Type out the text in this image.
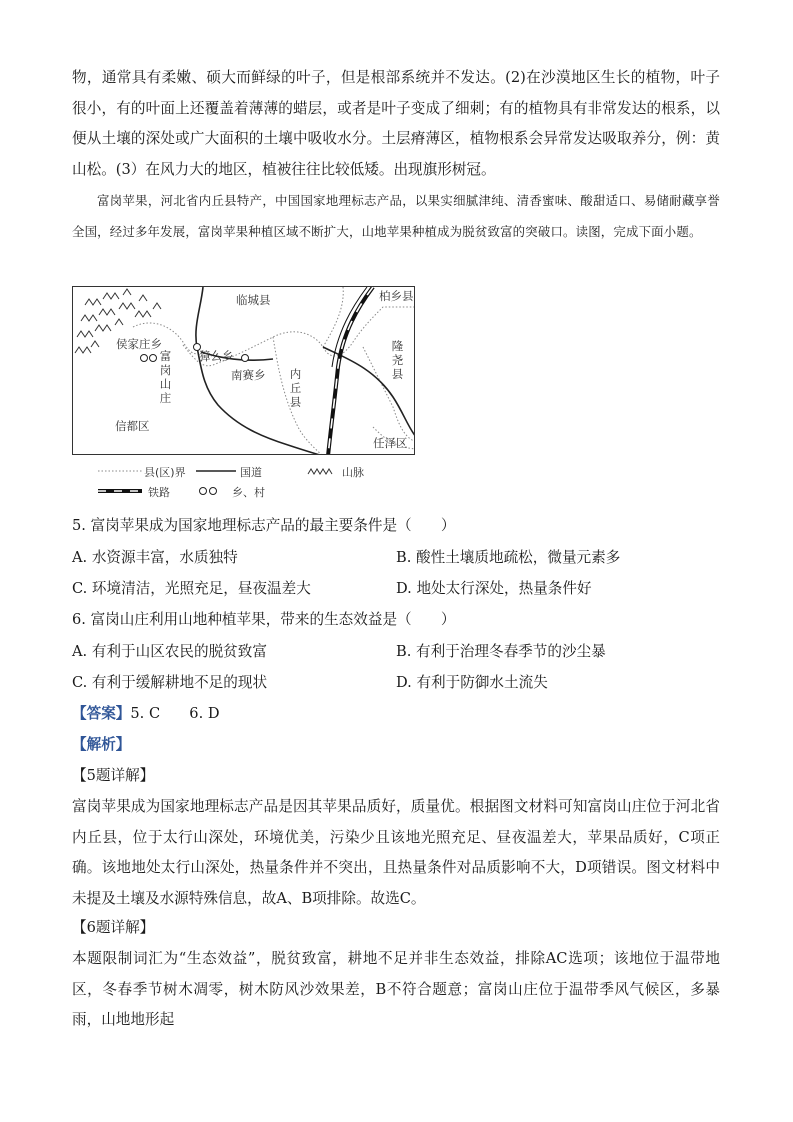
物，通常具有柔嫩、硕大而鲜绿的叶子，但是根部系统并不发达。(2)在沙漠地区生长的植物，叶子很小，有的叶面上还覆盖着薄薄的蜡层，或者是叶子变成了细刺；有的植物具有非常发达的根系，以便从土壤的深处或广大面积的土壤中吸收水分。土层瘠薄区，植物根系会异常发达吸取养分，例：黄山松。(3）在风力大的地区，植被往往比较低矮。出现旗形树冠。

富岗苹果，河北省内丘县特产，中国国家地理标志产品，以果实细腻津纯、清香蜜味、酸甜适口、易储耐藏享誉全国，经过多年发展，富岗苹果种植区域不断扩大，山地苹果种植成为脱贫致富的突破口。读图，完成下面小题。

临城县	柏乡县
侯家庄乡
富岗山庄
獐么乡
南赛乡 内丘县
隆尧县
信都区
任泽区
县(区)界	国道	山脉
铁路	乡、村

5. 富岗苹果成为国家地理标志产品的最主要条件是（　　）

A. 水资源丰富，水质独特	B. 酸性土壤质地疏松，微量元素多
C. 环境清洁，光照充足，昼夜温差大	D. 地处太行深处，热量条件好

6. 富岗山庄利用山地种植苹果，带来的生态效益是（　　）

A. 有利于山区农民的脱贫致富	B. 有利于治理冬春季节的沙尘暴
C. 有利于缓解耕地不足的现状	D. 有利于防御水土流失
【答案】5. C　　6. D
【解析】
【5题详解】

富岗苹果成为国家地理标志产品是因其苹果品质好，质量优。根据图文材料可知富岗山庄位于河北省内丘县，位于太行山深处，环境优美，污染少且该地光照充足、昼夜温差大，苹果品质好，C项正确。该地地处太行山深处，热量条件并不突出，且热量条件对品质影响不大，D项错误。图文材料中未提及土壤及水源特殊信息，故A、B项排除。故选C。

【6题详解】

本题限制词汇为“生态效益”，脱贫致富，耕地不足并非生态效益，排除AC选项；该地位于温带地区，冬春季节树木凋零，树木防风沙效果差，B不符合题意；富岗山庄位于温带季风气候区，多暴雨，山地地形起
